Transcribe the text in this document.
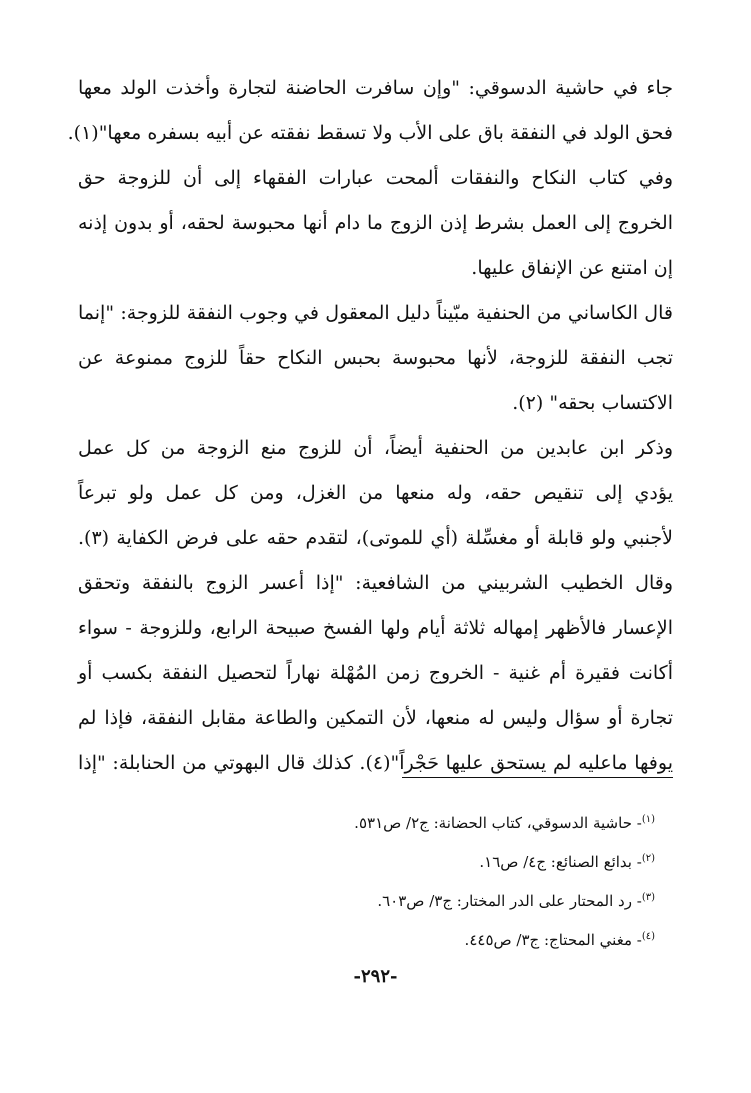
جاء في حاشية الدسوقي: "وإن سافرت الحاضنة لتجارة وأخذت الولد معها
فحق الولد في النفقة باق على الأب ولا تسقط نفقته عن أبيه بسفره معها"(١).
وفي كتاب النكاح والنفقات ألمحت عبارات الفقهاء إلى أن للزوجة حق
الخروج إلى العمل بشرط إذن الزوج ما دام أنها محبوسة لحقه، أو بدون إذنه
إن امتنع عن الإنفاق عليها.
قال الكاساني من الحنفية مبّيناً دليل المعقول في وجوب النفقة للزوجة: "إنما
تجب النفقة للزوجة، لأنها محبوسة بحبس النكاح حقاً للزوج ممنوعة عن
الاكتساب بحقه" (٢).
وذكر ابن عابدين من الحنفية أيضاً، أن للزوج منع الزوجة من كل عمل
يؤدي إلى تنقيص حقه، وله منعها من الغزل، ومن كل عمل ولو تبرعاً
لأجنبي ولو قابلة أو مغسِّلة (أي للموتى)، لتقدم حقه على فرض الكفاية (٣).
وقال الخطيب الشربيني من الشافعية: "إذا أعسر الزوج بالنفقة وتحقق
الإعسار فالأظهر إمهاله ثلاثة أيام ولها الفسخ صبيحة الرابع، وللزوجة - سواء
أكانت فقيرة أم غنية - الخروج زمن المُهْلة نهاراً لتحصيل النفقة بكسب أو
تجارة أو سؤال وليس له منعها، لأن التمكين والطاعة مقابل النفقة، فإذا لم
يوفها ماعليه لم يستحق عليها حَجْراً"(٤). كذلك قال البهوتي من الحنابلة: "إذا
$^{(١)}$- حاشية الدسوقي، كتاب الحضانة: ج٢/ ص٥٣١.
$^{(٢)}$- بدائع الصنائع: ج٤/ ص١٦.
$^{(٣)}$- رد المحتار على الدر المختار: ج٣/ ص٦٠٣.
$^{(٤)}$- مغني المحتاج: ج٣/ ص٤٤٥.
-٢٩٢-
